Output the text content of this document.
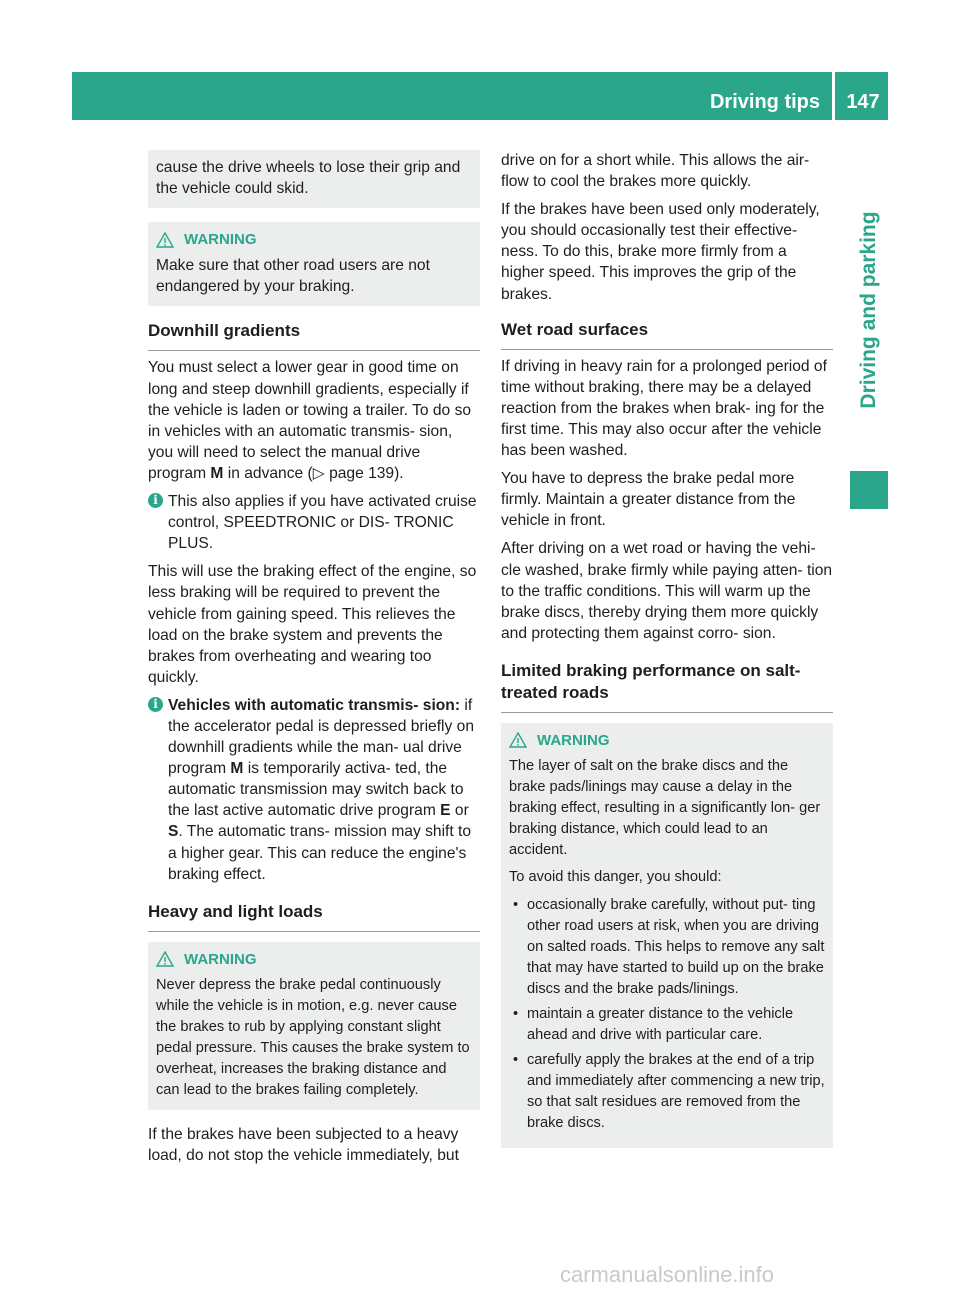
Driving tips	147
Driving and parking

cause the drive wheels to lose their grip and the vehicle could skid.

WARNING

Make sure that other road users are not endangered by your braking.

Downhill gradients

You must select a lower gear in good time on long and steep downhill gradients, especially if the vehicle is laden or towing a trailer. To do so in vehicles with an automatic transmis- sion, you will need to select the manual drive program M in advance (▷ page 139).

i This also applies if you have activated cruise control, SPEEDTRONIC or DIS- TRONIC PLUS.

This will use the braking effect of the engine, so less braking will be required to prevent the vehicle from gaining speed. This relieves the load on the brake system and prevents the brakes from overheating and wearing too quickly.

i Vehicles with automatic transmis- sion: if the accelerator pedal is depressed briefly on downhill gradients while the man- ual drive program M is temporarily activa- ted, the automatic transmission may switch back to the last active automatic drive program E or S. The automatic trans- mission may shift to a higher gear. This can reduce the engine's braking effect.
Heavy and light loads
WARNING

Never depress the brake pedal continuously while the vehicle is in motion, e.g. never cause the brakes to rub by applying constant slight pedal pressure. This causes the brake system to overheat, increases the braking distance and can lead to the brakes failing completely.

If the brakes have been subjected to a heavy load, do not stop the vehicle immediately, but

drive on for a short while. This allows the air- flow to cool the brakes more quickly.

If the brakes have been used only moderately, you should occasionally test their effective- ness. To do this, brake more firmly from a higher speed. This improves the grip of the brakes.

Wet road surfaces

If driving in heavy rain for a prolonged period of time without braking, there may be a delayed reaction from the brakes when brak- ing for the first time. This may also occur after the vehicle has been washed.

You have to depress the brake pedal more firmly. Maintain a greater distance from the vehicle in front.

After driving on a wet road or having the vehi- cle washed, brake firmly while paying atten- tion to the traffic conditions. This will warm up the brake discs, thereby drying them more quickly and protecting them against corro- sion.

Limited braking performance on salt- treated roads
WARNING

The layer of salt on the brake discs and the brake pads/linings may cause a delay in the braking effect, resulting in a significantly lon- ger braking distance, which could lead to an accident.

To avoid this danger, you should:

• occasionally brake carefully, without put- ting other road users at risk, when you are driving on salted roads. This helps to remove any salt that may have started to build up on the brake discs and the brake pads/linings.
• maintain a greater distance to the vehicle ahead and drive with particular care.
• carefully apply the brakes at the end of a trip and immediately after commencing a new trip, so that salt residues are removed from the brake discs.
carmanualsonline.info
